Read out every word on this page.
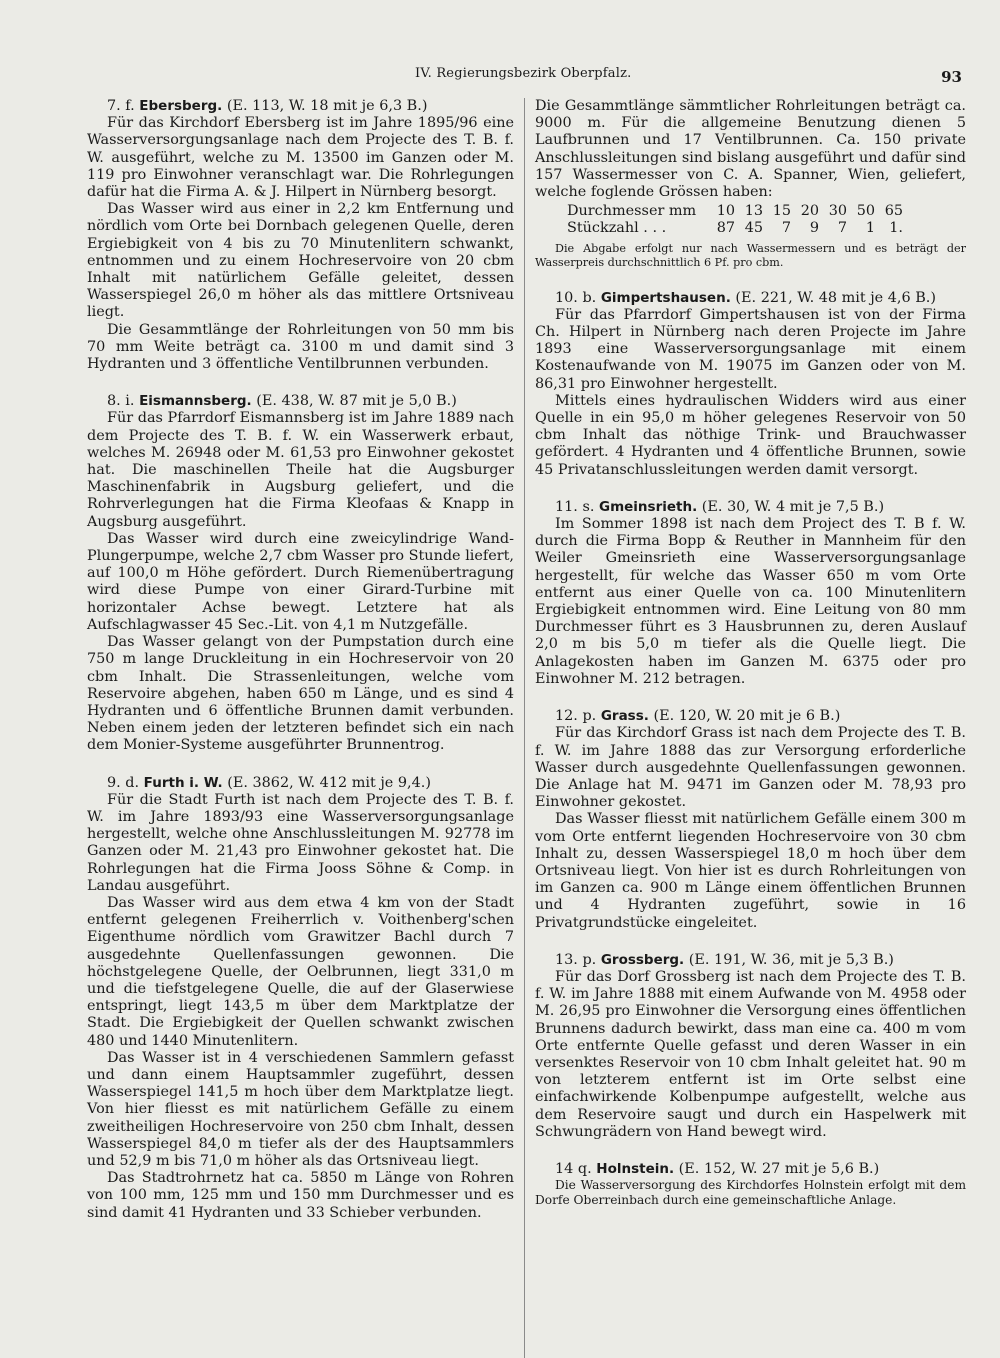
IV. Regierungsbezirk Oberpfalz.	93
7. f. Ebersberg. (E. 113, W. 18 mit je 6,3 B.)

Für das Kirchdorf Ebersberg ist im Jahre 1895/96 eine Wasserversorgungsanlage nach dem Projecte des T. B. f. W. ausgeführt, welche zu M. 13500 im Ganzen oder M. 119 pro Einwohner veranschlagt war. Die Rohrlegungen dafür hat die Firma A. & J. Hilpert in Nürnberg besorgt.

Das Wasser wird aus einer in 2,2 km Entfernung und nördlich vom Orte bei Dornbach gelegenen Quelle, deren Ergiebigkeit von 4 bis zu 70 Minutenlitern schwankt, entnommen und zu einem Hochreservoire von 20 cbm Inhalt mit natürlichem Gefälle geleitet, dessen Wasserspiegel 26,0 m höher als das mittlere Ortsniveau liegt.

Die Gesammtlänge der Rohrleitungen von 50 mm bis 70 mm Weite beträgt ca. 3100 m und damit sind 3 Hydranten und 3 öffentliche Ventilbrunnen verbunden.

8. i. Eismannsberg. (E. 438, W. 87 mit je 5,0 B.)

Für das Pfarrdorf Eismannsberg ist im Jahre 1889 nach dem Projecte des T. B. f. W. ein Wasserwerk erbaut, welches M. 26948 oder M. 61,53 pro Einwohner gekostet hat. Die maschinellen Theile hat die Augsburger Maschinenfabrik in Augsburg geliefert, und die Rohrverlegungen hat die Firma Kleofaas & Knapp in Augsburg ausgeführt.

Das Wasser wird durch eine zweicylindrige Wand-Plungerpumpe, welche 2,7 cbm Wasser pro Stunde liefert, auf 100,0 m Höhe gefördert. Durch Riemenübertragung wird diese Pumpe von einer Girard-Turbine mit horizontaler Achse bewegt. Letztere hat als Aufschlagwasser 45 Sec.-Lit. von 4,1 m Nutzgefälle.

Das Wasser gelangt von der Pumpstation durch eine 750 m lange Druckleitung in ein Hochreservoir von 20 cbm Inhalt. Die Strassenleitungen, welche vom Reservoire abgehen, haben 650 m Länge, und es sind 4 Hydranten und 6 öffentliche Brunnen damit verbunden. Neben einem jeden der letzteren befindet sich ein nach dem Monier-Systeme ausgeführter Brunnentrog.

9. d. Furth i. W. (E. 3862, W. 412 mit je 9,4.)

Für die Stadt Furth ist nach dem Projecte des T. B. f. W. im Jahre 1893/93 eine Wasserversorgungsanlage hergestellt, welche ohne Anschlussleitungen M. 92778 im Ganzen oder M. 21,43 pro Einwohner gekostet hat. Die Rohrlegungen hat die Firma Jooss Söhne & Comp. in Landau ausgeführt.

Das Wasser wird aus dem etwa 4 km von der Stadt entfernt gelegenen Freiherrlich v. Voithenberg'schen Eigenthume nördlich vom Grawitzer Bachl durch 7 ausgedehnte Quellenfassungen gewonnen. Die höchstgelegene Quelle, der Oelbrunnen, liegt 331,0 m und die tiefstgelegene Quelle, die auf der Glaserwiese entspringt, liegt 143,5 m über dem Marktplatze der Stadt. Die Ergiebigkeit der Quellen schwankt zwischen 480 und 1440 Minutenlitern.

Das Wasser ist in 4 verschiedenen Sammlern gefasst und dann einem Hauptsammler zugeführt, dessen Wasserspiegel 141,5 m hoch über dem Marktplatze liegt. Von hier fliesst es mit natürlichem Gefälle zu einem zweitheiligen Hochreservoire von 250 cbm Inhalt, dessen Wasserspiegel 84,0 m tiefer als der des Hauptsammlers und 52,9 m bis 71,0 m höher als das Ortsniveau liegt.

Das Stadtrohrnetz hat ca. 5850 m Länge von Rohren von 100 mm, 125 mm und 150 mm Durchmesser und es sind damit 41 Hydranten und 33 Schieber verbunden.

Die Gesammtlänge sämmtlicher Rohrleitungen beträgt ca. 9000 m. Für die allgemeine Benutzung dienen 5 Laufbrunnen und 17 Ventilbrunnen. Ca. 150 private Anschlussleitungen sind bislang ausgeführt und dafür sind 157 Wassermesser von C. A. Spanner, Wien, geliefert, welche foglende Grössen haben:

Durchmesser mm	10 13 15 20 30 50 65
Stückzahl . . .	87 45	7	9	7	1 1.

Die Abgabe erfolgt nur nach Wassermessern und es beträgt der Wasserpreis durchschnittlich 6 Pf. pro cbm.

10. b. Gimpertshausen. (E. 221, W. 48 mit je 4,6 B.)

Für das Pfarrdorf Gimpertshausen ist von der Firma Ch. Hilpert in Nürnberg nach deren Projecte im Jahre 1893 eine Wasserversorgungsanlage mit einem Kostenaufwande von M. 19075 im Ganzen oder von M. 86,31 pro Einwohner hergestellt.

Mittels eines hydraulischen Widders wird aus einer Quelle in ein 95,0 m höher gelegenes Reservoir von 50 cbm Inhalt das nöthige Trink- und Brauchwasser gefördert. 4 Hydranten und 4 öffentliche Brunnen, sowie 45 Privatanschlussleitungen werden damit versorgt.

11. s. Gmeinsrieth. (E. 30, W. 4 mit je 7,5 B.)

Im Sommer 1898 ist nach dem Project des T. B f. W. durch die Firma Bopp & Reuther in Mannheim für den Weiler Gmeinsrieth eine Wasserversorgungsanlage hergestellt, für welche das Wasser 650 m vom Orte entfernt aus einer Quelle von ca. 100 Minutenlitern Ergiebigkeit entnommen wird. Eine Leitung von 80 mm Durchmesser führt es 3 Hausbrunnen zu, deren Auslauf 2,0 m bis 5,0 m tiefer als die Quelle liegt. Die Anlagekosten haben im Ganzen M. 6375 oder pro Einwohner M. 212 betragen.

12. p. Grass. (E. 120, W. 20 mit je 6 B.)

Für das Kirchdorf Grass ist nach dem Projecte des T. B. f. W. im Jahre 1888 das zur Versorgung erforderliche Wasser durch ausgedehnte Quellenfassungen gewonnen. Die Anlage hat M. 9471 im Ganzen oder M. 78,93 pro Einwohner gekostet.

Das Wasser fliesst mit natürlichem Gefälle einem 300 m vom Orte entfernt liegenden Hochreservoire von 30 cbm Inhalt zu, dessen Wasserspiegel 18,0 m hoch über dem Ortsniveau liegt. Von hier ist es durch Rohrleitungen von im Ganzen ca. 900 m Länge einem öffentlichen Brunnen und 4 Hydranten zugeführt, sowie in 16 Privatgrundstücke eingeleitet.

13. p. Grossberg. (E. 191, W. 36, mit je 5,3 B.)

Für das Dorf Grossberg ist nach dem Projecte des T. B. f. W. im Jahre 1888 mit einem Aufwande von M. 4958 oder M. 26,95 pro Einwohner die Versorgung eines öffentlichen Brunnens dadurch bewirkt, dass man eine ca. 400 m vom Orte entfernte Quelle gefasst und deren Wasser in ein versenktes Reservoir von 10 cbm Inhalt geleitet hat. 90 m von letzterem entfernt ist im Orte selbst eine einfachwirkende Kolbenpumpe aufgestellt, welche aus dem Reservoire saugt und durch ein Haspelwerk mit Schwungrädern von Hand bewegt wird.

14 q. Holnstein. (E. 152, W. 27 mit je 5,6 B.)

Die Wasserversorgung des Kirchdorfes Holnstein erfolgt mit dem Dorfe Oberreinbach durch eine gemeinschaftliche Anlage.
